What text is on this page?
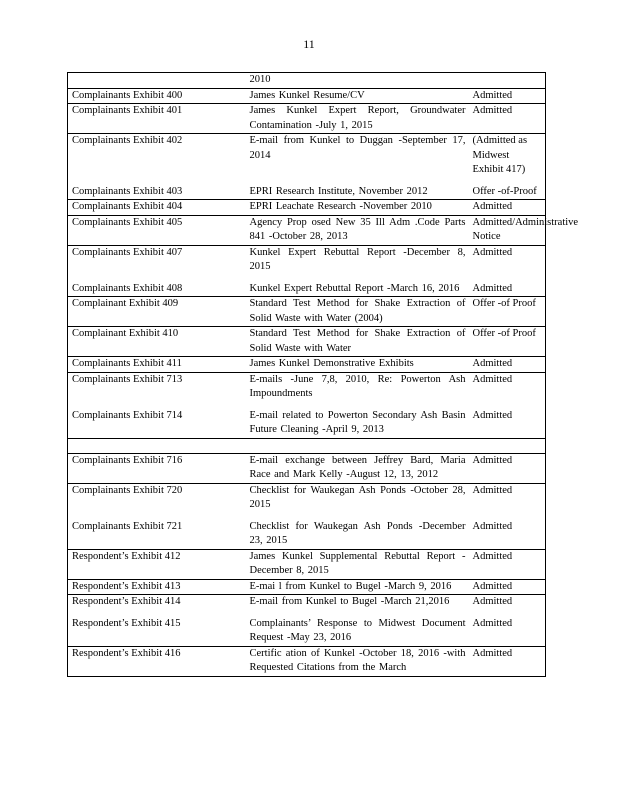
11
	2010	
Complainants Exhibit 400	James Kunkel Resume/CV	Admitted
Complainants Exhibit 401	James Kunkel Expert Report, Groundwater Contamination -July 1, 2015	Admitted
Complainants Exhibit 402	E-mail from Kunkel to Duggan -September 17, 2014	(Admitted as Midwest Exhibit 417)
Complainants Exhibit 403	EPRI Research Institute, November 2012	Offer -of-Proof
Complainants Exhibit 404	EPRI Leachate Research -November 2010	Admitted
Complainants Exhibit 405	Agency Prop osed New 35 Ill Adm .Code Parts 841 -October 28, 2013	Admitted/Administrative Notice
Complainants Exhibit 407	Kunkel Expert Rebuttal Report -December 8, 2015	Admitted
Complainants Exhibit 408	Kunkel Expert Rebuttal Report -March 16, 2016	Admitted
Complainant Exhibit 409	Standard Test Method for Shake Extraction of Solid Waste with Water (2004)	Offer -of Proof
Complainant Exhibit 410	Standard Test Method for Shake Extraction of Solid Waste with Water	Offer -of Proof
Complainants Exhibit 411	James Kunkel Demonstrative Exhibits	Admitted
Complainants Exhibit 713	E-mails -June 7,8, 2010, Re: Powerton Ash Impoundments	Admitted
Complainants Exhibit 714	E-mail related to Powerton Secondary Ash Basin Future Cleaning -April 9, 2013	Admitted

Complainants Exhibit 716	E-mail exchange between Jeffrey Bard, Maria Race and Mark Kelly -August 12, 13, 2012	Admitted
Complainants Exhibit 720	Checklist for Waukegan Ash Ponds -October 28, 2015	Admitted
Complainants Exhibit 721	Checklist for Waukegan Ash Ponds -December 23, 2015	Admitted
Respondent’s Exhibit 412	James Kunkel Supplemental Rebuttal Report -December 8, 2015	Admitted
Respondent’s Exhibit 413	E-mai l from Kunkel to Bugel -March 9, 2016	Admitted
Respondent’s Exhibit 414	E-mail from Kunkel to Bugel -March 21,2016	Admitted
Respondent’s Exhibit 415	Complainants’ Response to Midwest Document Request -May 23, 2016	Admitted
Respondent’s Exhibit 416	Certific ation of Kunkel -October 18, 2016 -with Requested Citations from the March	Admitted
